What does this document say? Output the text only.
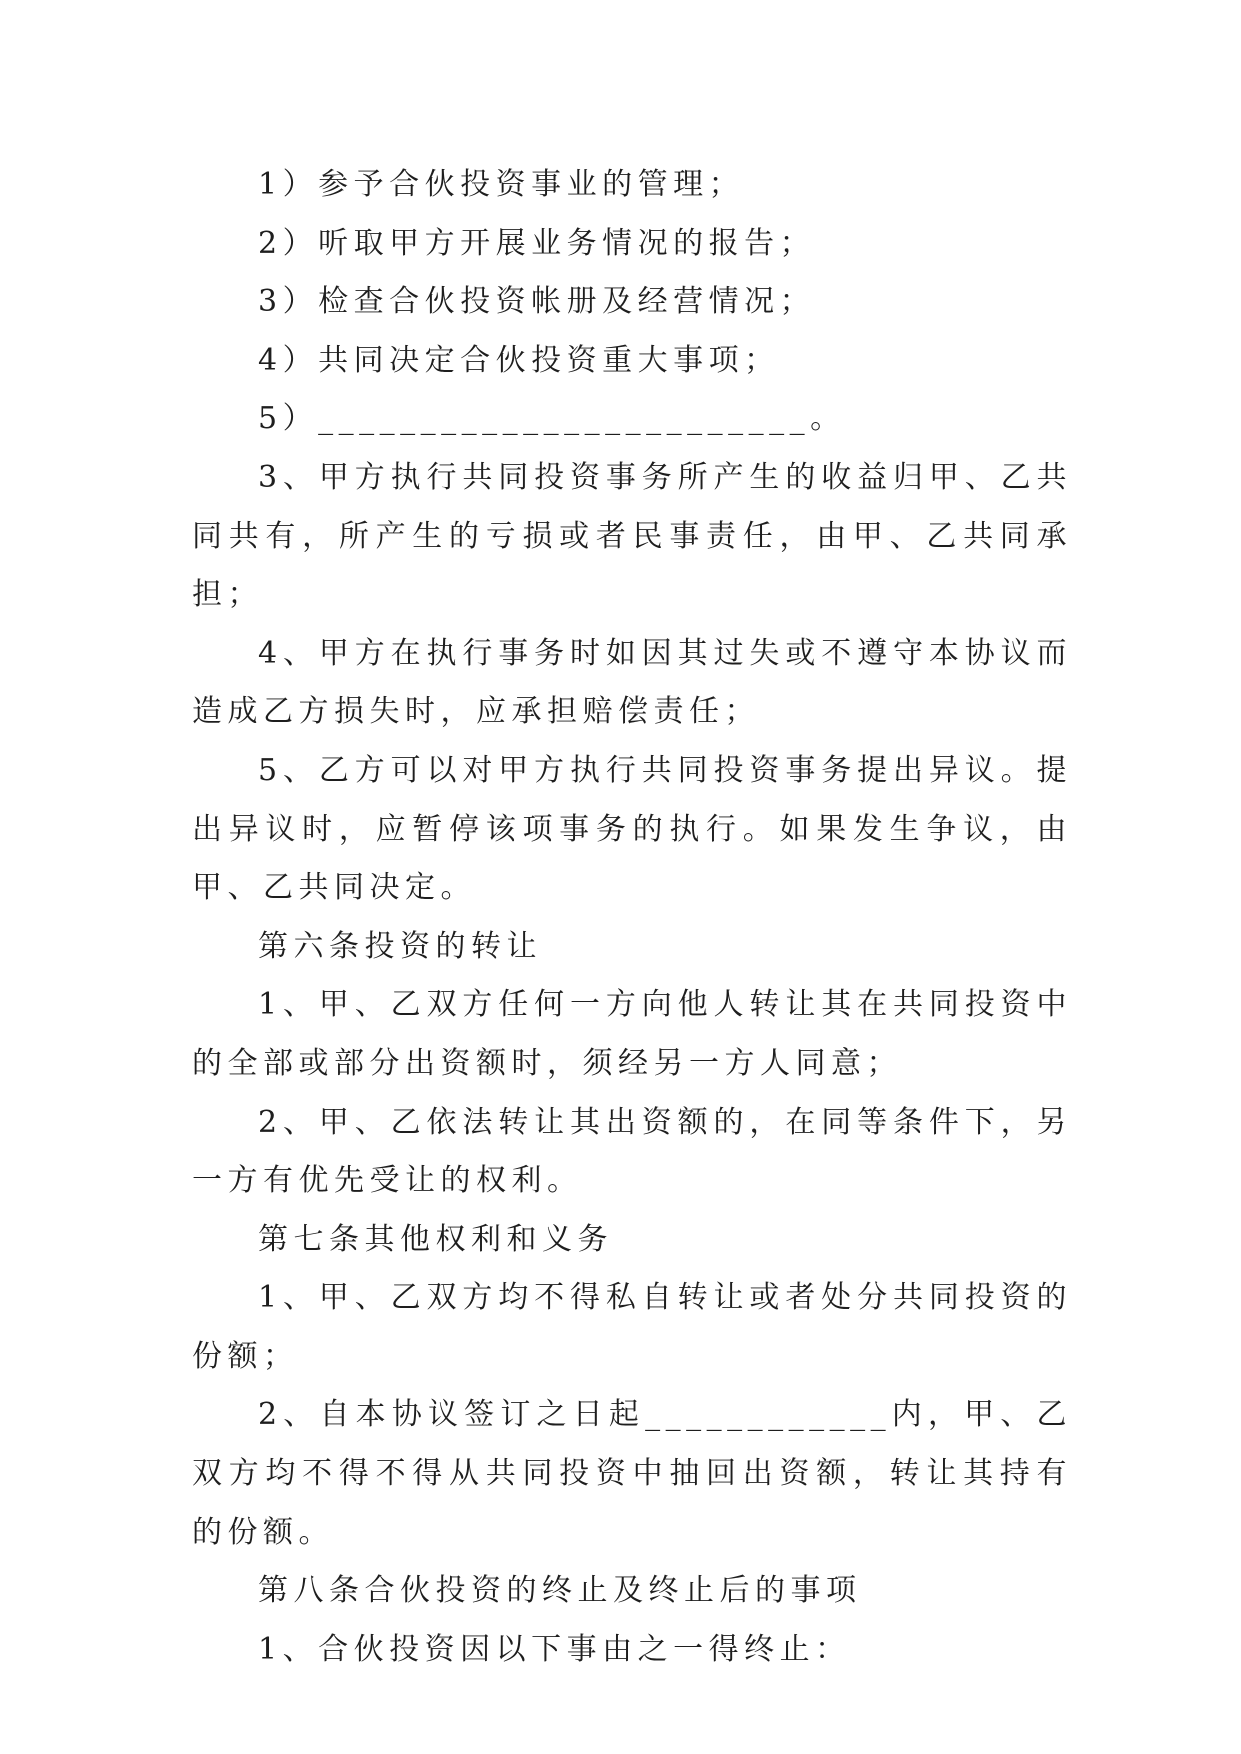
1）参予合伙投资事业的管理；

2）听取甲方开展业务情况的报告；

3）检查合伙投资帐册及经营情况；

4）共同决定合伙投资重大事项；

5）________________________。

3、甲方执行共同投资事务所产生的收益归甲、乙共同共有，所产生的亏损或者民事责任，由甲、乙共同承担；

4、甲方在执行事务时如因其过失或不遵守本协议而造成乙方损失时，应承担赔偿责任；

5、乙方可以对甲方执行共同投资事务提出异议。提出异议时，应暂停该项事务的执行。如果发生争议，由甲、乙共同决定。

第六条投资的转让

1、甲、乙双方任何一方向他人转让其在共同投资中的全部或部分出资额时，须经另一方人同意；

2、甲、乙依法转让其出资额的，在同等条件下，另一方有优先受让的权利。

第七条其他权利和义务

1、甲、乙双方均不得私自转让或者处分共同投资的份额；

2、自本协议签订之日起____________内，甲、乙双方均不得不得从共同投资中抽回出资额，转让其持有的份额。

第八条合伙投资的终止及终止后的事项

1、合伙投资因以下事由之一得终止：
